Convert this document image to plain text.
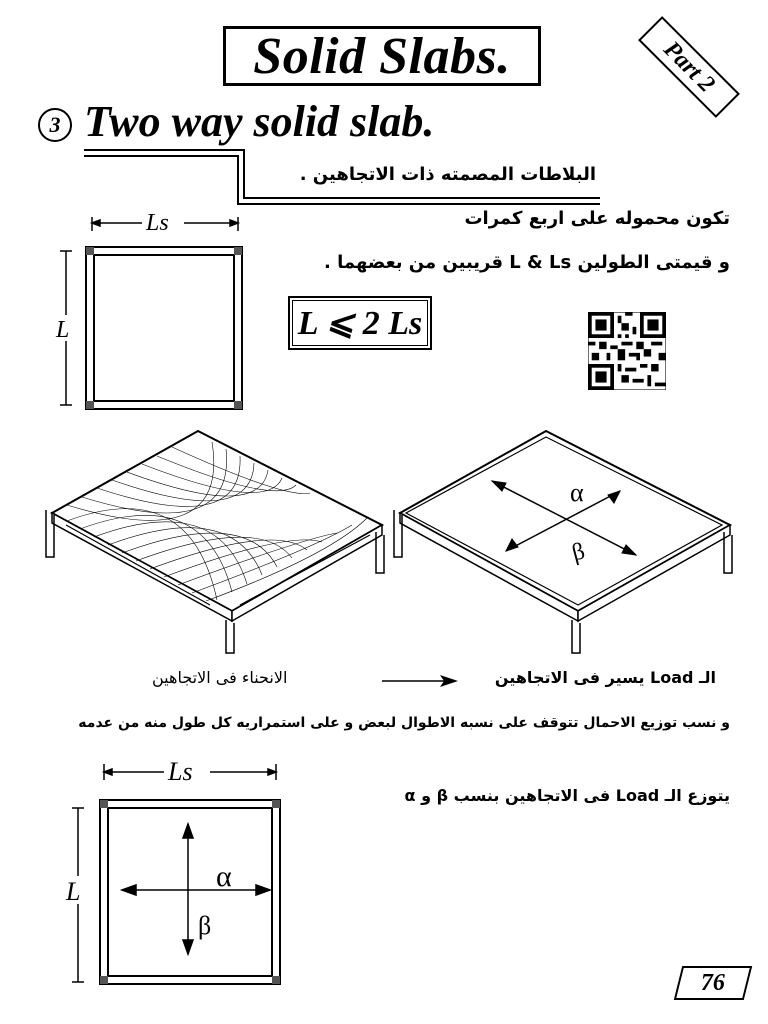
Solid Slabs.	Part 2
3 Two way solid slab.
البلاطات المصمته ذات الاتجاهين .
تكون محموله على اربع كمرات
و قيمتى الطولين L & Ls قريبين من بعضهما .
Ls
L	L ⩽ 2 Ls
α
β
الانحناء فى الاتجاهين	الـ Load يسير فى الاتجاهين
و نسب توزيع الاحمال تتوقف على نسبه الاطوال لبعض و على استمراريه كل طول منه من عدمه
Ls
L	α
β
يتوزع الـ Load فى الاتجاهين بنسب β و α
76
